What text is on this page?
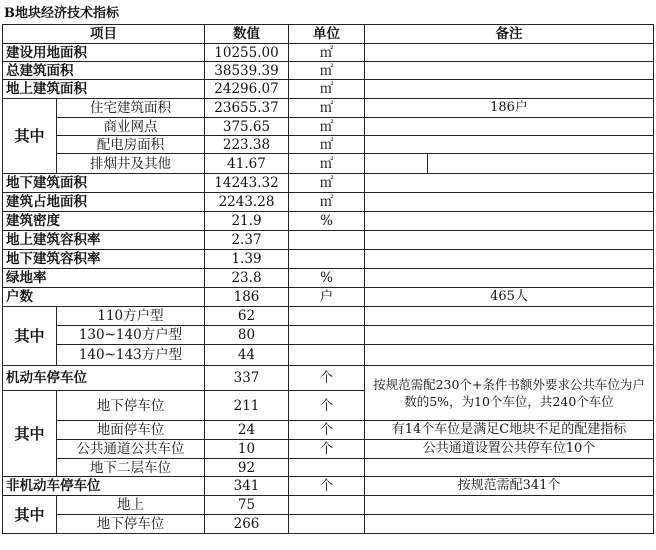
B地块经济技术指标
项目		数值	单位	备注
建设用地面积		10255.00	㎡	
总建筑面积		38539.39	㎡	
地上建筑面积		24296.07	㎡	
其中	住宅建筑面积	23655.37	㎡	186户
	商业网点	375.65	㎡	
	配电房面积	223.38	㎡	
	排烟井及其他	41.67	㎡	

地下建筑面积		14243.32	㎡	
建筑占地面积		2243.28	㎡	
建筑密度		21.9	%	
地上建筑容积率		2.37		
地下建筑容积率		1.39		
绿地率		23.8	%	
户数		186	户	465人
其中	110方户型	62		
	130~140方户型	80		
	140~143方户型	44		
机动车停车位		337	个	按规范需配230个+条件书额外要求公共车位为户数的5%，为10个车位，共240个车位
其中	地下停车位	211	个	
	地面停车位	24	个	有14个车位是满足C地块不足的配建指标
	公共通道公共车位	10	个	公共通道设置公共停车位10个
	地下二层车位	92		
非机动车停车位		341	个	按规范需配341个
其中	地上	75		
	地下停车位	266		
